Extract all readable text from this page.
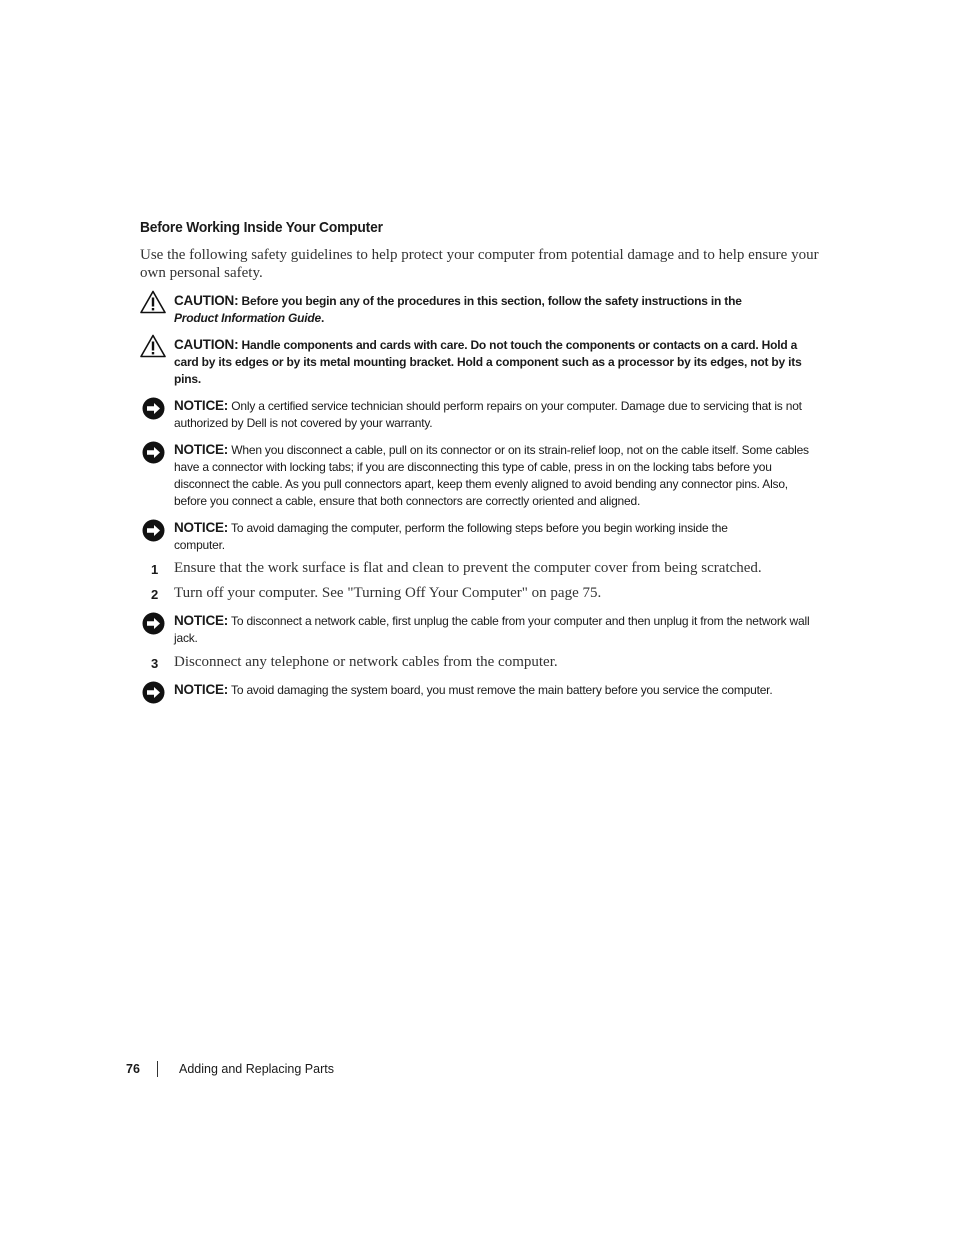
Before Working Inside Your Computer
Use the following safety guidelines to help protect your computer from potential damage and to help ensure your own personal safety.
CAUTION: Before you begin any of the procedures in this section, follow the safety instructions in the
Product Information Guide.
CAUTION: Handle components and cards with care. Do not touch the components or contacts on a card. Hold a card by its edges or by its metal mounting bracket. Hold a component such as a processor by its edges, not by its pins.
NOTICE: Only a certified service technician should perform repairs on your computer. Damage due to servicing that is not authorized by Dell is not covered by your warranty.
NOTICE: When you disconnect a cable, pull on its connector or on its strain-relief loop, not on the cable itself. Some cables have a connector with locking tabs; if you are disconnecting this type of cable, press in on the locking tabs before you disconnect the cable. As you pull connectors apart, keep them evenly aligned to avoid bending any connector pins. Also, before you connect a cable, ensure that both connectors are correctly oriented and aligned.
NOTICE: To avoid damaging the computer, perform the following steps before you begin working inside the computer.
1 Ensure that the work surface is flat and clean to prevent the computer cover from being scratched.
2 Turn off your computer. See "Turning Off Your Computer" on page 75.
NOTICE: To disconnect a network cable, first unplug the cable from your computer and then unplug it from the network wall jack.
3 Disconnect any telephone or network cables from the computer.
NOTICE: To avoid damaging the system board, you must remove the main battery before you service the computer.
76	Adding and Replacing Parts
